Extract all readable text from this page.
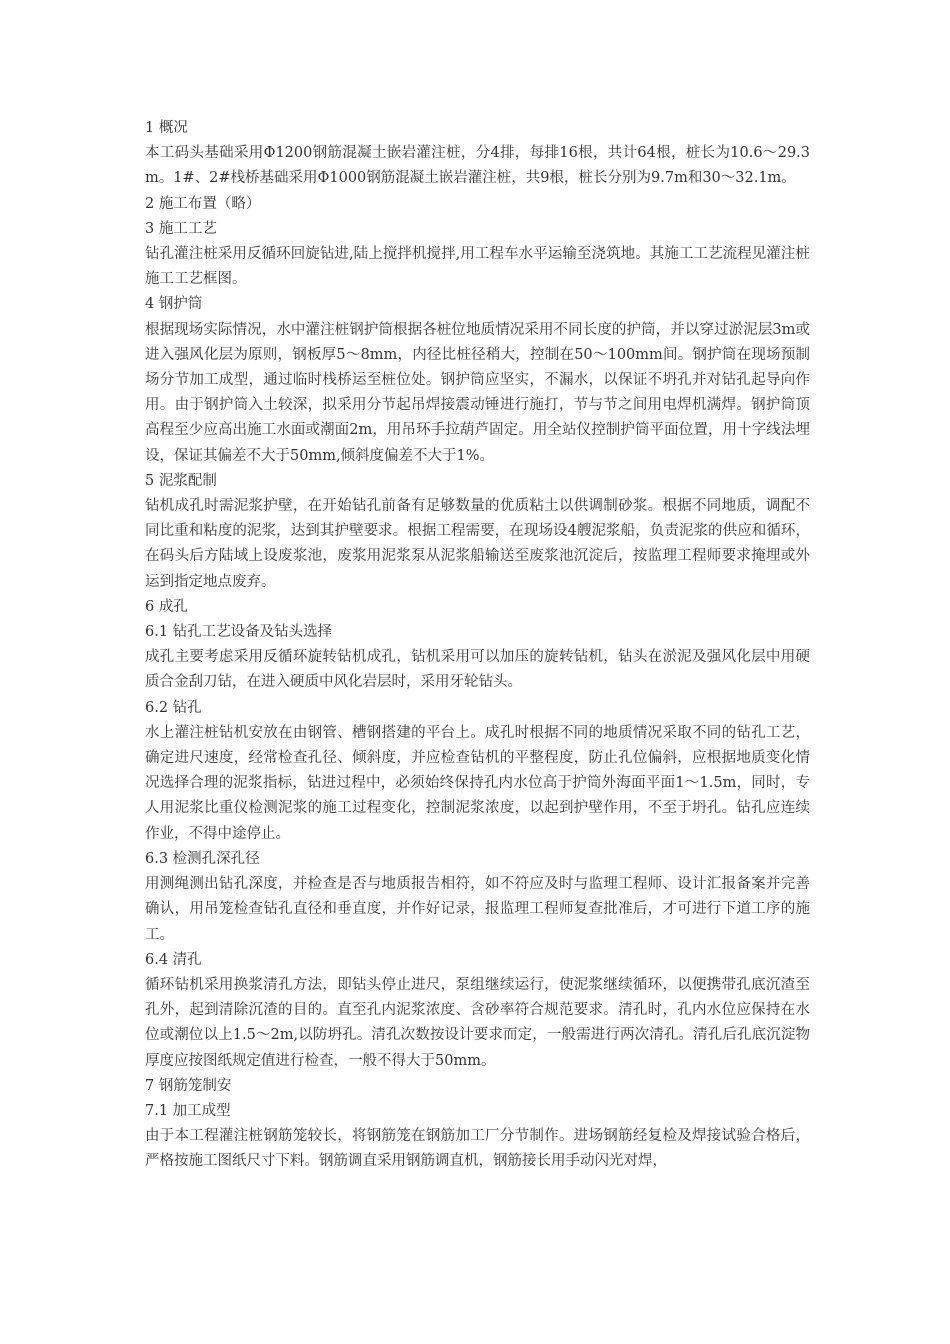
1 概况

本工码头基础采用Φ1200钢筋混凝土嵌岩灌注桩，分4排，每排16根，共计64根，桩长为10.6～29.3m。1#、2#栈桥基础采用Φ1000钢筋混凝土嵌岩灌注桩，共9根，桩长分别为9.7m和30～32.1m。

2 施工布置（略）

3 施工工艺

钻孔灌注桩采用反循环回旋钻进,陆上搅拌机搅拌,用工程车水平运输至浇筑地。其施工工艺流程见灌注桩施工工艺框图。

4 钢护筒

根据现场实际情况，水中灌注桩钢护筒根据各桩位地质情况采用不同长度的护筒，并以穿过淤泥层3m或进入强风化层为原则，钢板厚5～8mm，内径比桩径稍大，控制在50～100mm间。钢护筒在现场预制场分节加工成型，通过临时栈桥运至桩位处。钢护筒应坚实，不漏水，以保证不坍孔并对钻孔起导向作用。由于钢护筒入土较深，拟采用分节起吊焊接震动锤进行施打，节与节之间用电焊机满焊。钢护筒顶高程至少应高出施工水面或潮面2m，用吊环手拉葫芦固定。用全站仪控制护筒平面位置，用十字线法埋设，保证其偏差不大于50mm,倾斜度偏差不大于1%。

5 泥浆配制

钻机成孔时需泥浆护壁，在开始钻孔前备有足够数量的优质粘土以供调制砂浆。根据不同地质，调配不同比重和粘度的泥浆，达到其护壁要求。根据工程需要，在现场设4艘泥浆船，负责泥浆的供应和循环，在码头后方陆域上设废浆池，废浆用泥浆泵从泥浆船输送至废浆池沉淀后，按监理工程师要求掩埋或外运到指定地点废弃。

6 成孔

6.1 钻孔工艺设备及钻头选择

成孔主要考虑采用反循环旋转钻机成孔，钻机采用可以加压的旋转钻机，钻头在淤泥及强风化层中用硬质合金刮刀钻，在进入硬质中风化岩层时，采用牙轮钻头。

6.2 钻孔

水上灌注桩钻机安放在由钢管、槽钢搭建的平台上。成孔时根据不同的地质情况采取不同的钻孔工艺，确定进尺速度，经常检查孔径、倾斜度，并应检查钻机的平整程度，防止孔位偏斜，应根据地质变化情况选择合理的泥浆指标，钻进过程中，必须始终保持孔内水位高于护筒外海面平面1～1.5m，同时，专人用泥浆比重仪检测泥浆的施工过程变化，控制泥浆浓度，以起到护壁作用，不至于坍孔。钻孔应连续作业，不得中途停止。

6.3 检测孔深孔径

用测绳测出钻孔深度，并检查是否与地质报告相符，如不符应及时与监理工程师、设计汇报备案并完善确认，用吊笼检查钻孔直径和垂直度，并作好记录，报监理工程师复查批准后，才可进行下道工序的施工。

6.4 清孔

循环钻机采用换浆清孔方法，即钻头停止进尺，泵组继续运行，使泥浆继续循环，以便携带孔底沉渣至孔外，起到清除沉渣的目的。直至孔内泥浆浓度、含砂率符合规范要求。清孔时，孔内水位应保持在水位或潮位以上1.5～2m,以防坍孔。清孔次数按设计要求而定，一般需进行两次清孔。清孔后孔底沉淀物厚度应按图纸规定值进行检查，一般不得大于50mm。

7 钢筋笼制安

7.1 加工成型

由于本工程灌注桩钢筋笼较长，将钢筋笼在钢筋加工厂分节制作。进场钢筋经复检及焊接试验合格后，严格按施工图纸尺寸下料。钢筋调直采用钢筋调直机，钢筋接长用手动闪光对焊，
